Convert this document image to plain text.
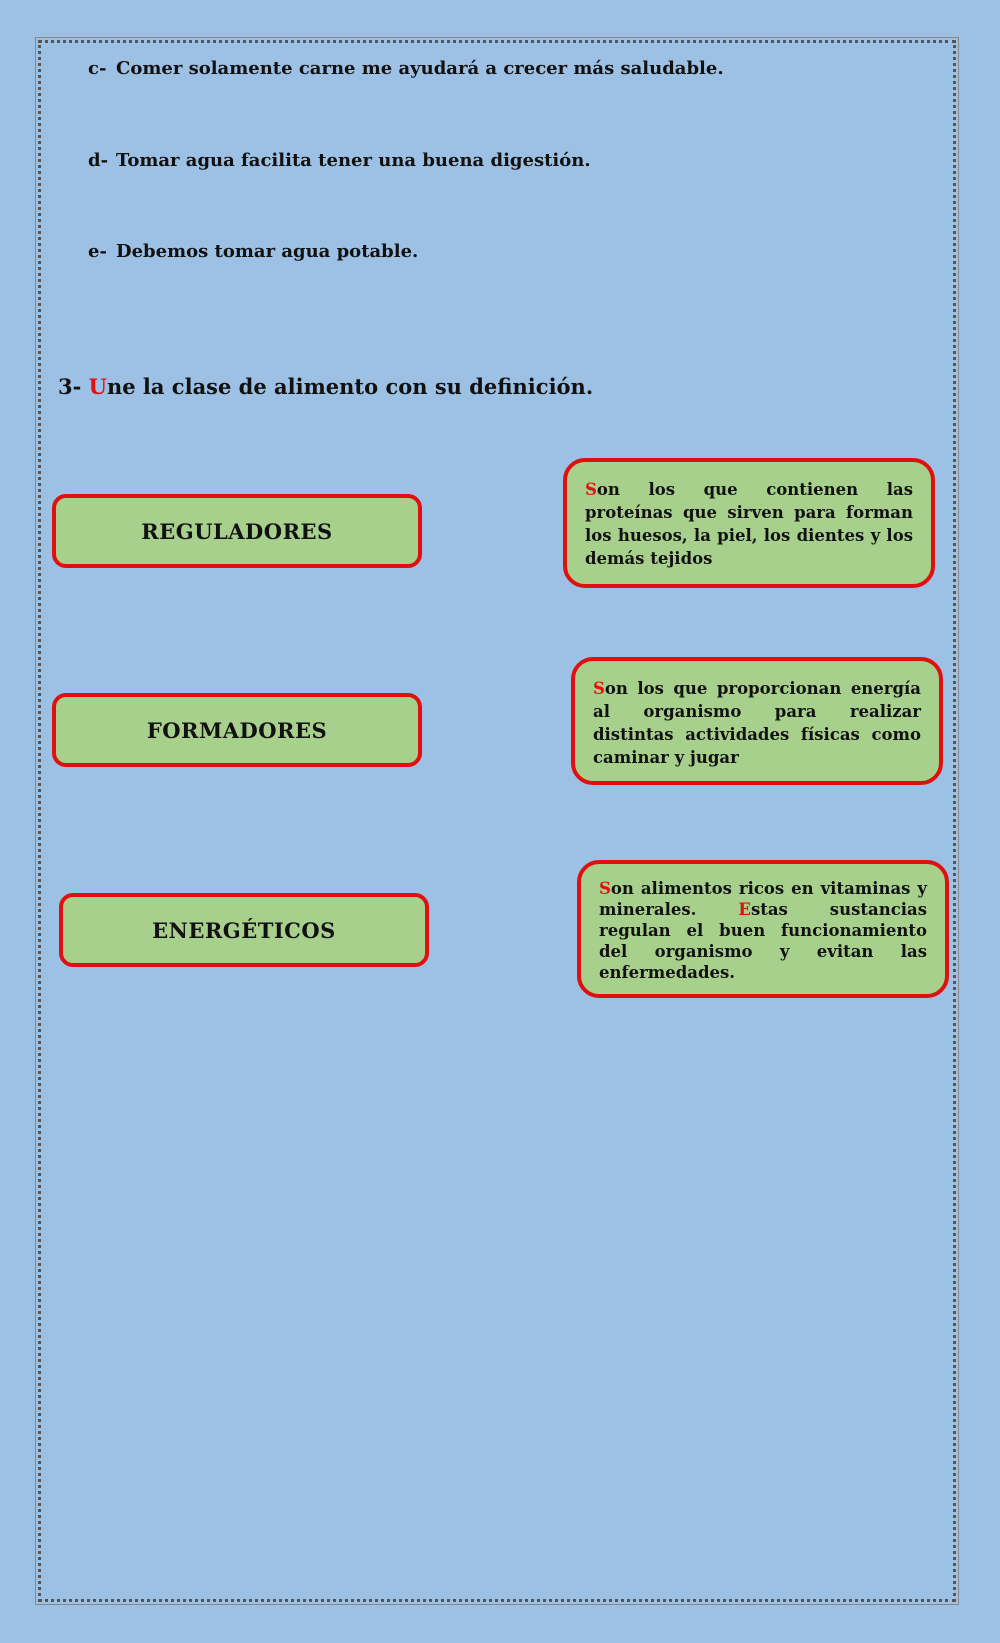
c- Comer solamente carne me ayudará a crecer más saludable.
d- Tomar agua facilita tener una buena digestión.
e- Debemos tomar agua potable.
3- Une la clase de alimento con su definición.
REGULADORES
FORMADORES
ENERGÉTICOS
Son los que contienen las proteínas que sirven para forman los huesos, la piel, los dientes y los demás tejidos
Son los que proporcionan energía al organismo para realizar distintas actividades físicas como caminar y jugar
Son alimentos ricos en vitaminas y minerales. Estas sustancias regulan el buen funcionamiento del organismo y evitan las enfermedades.
